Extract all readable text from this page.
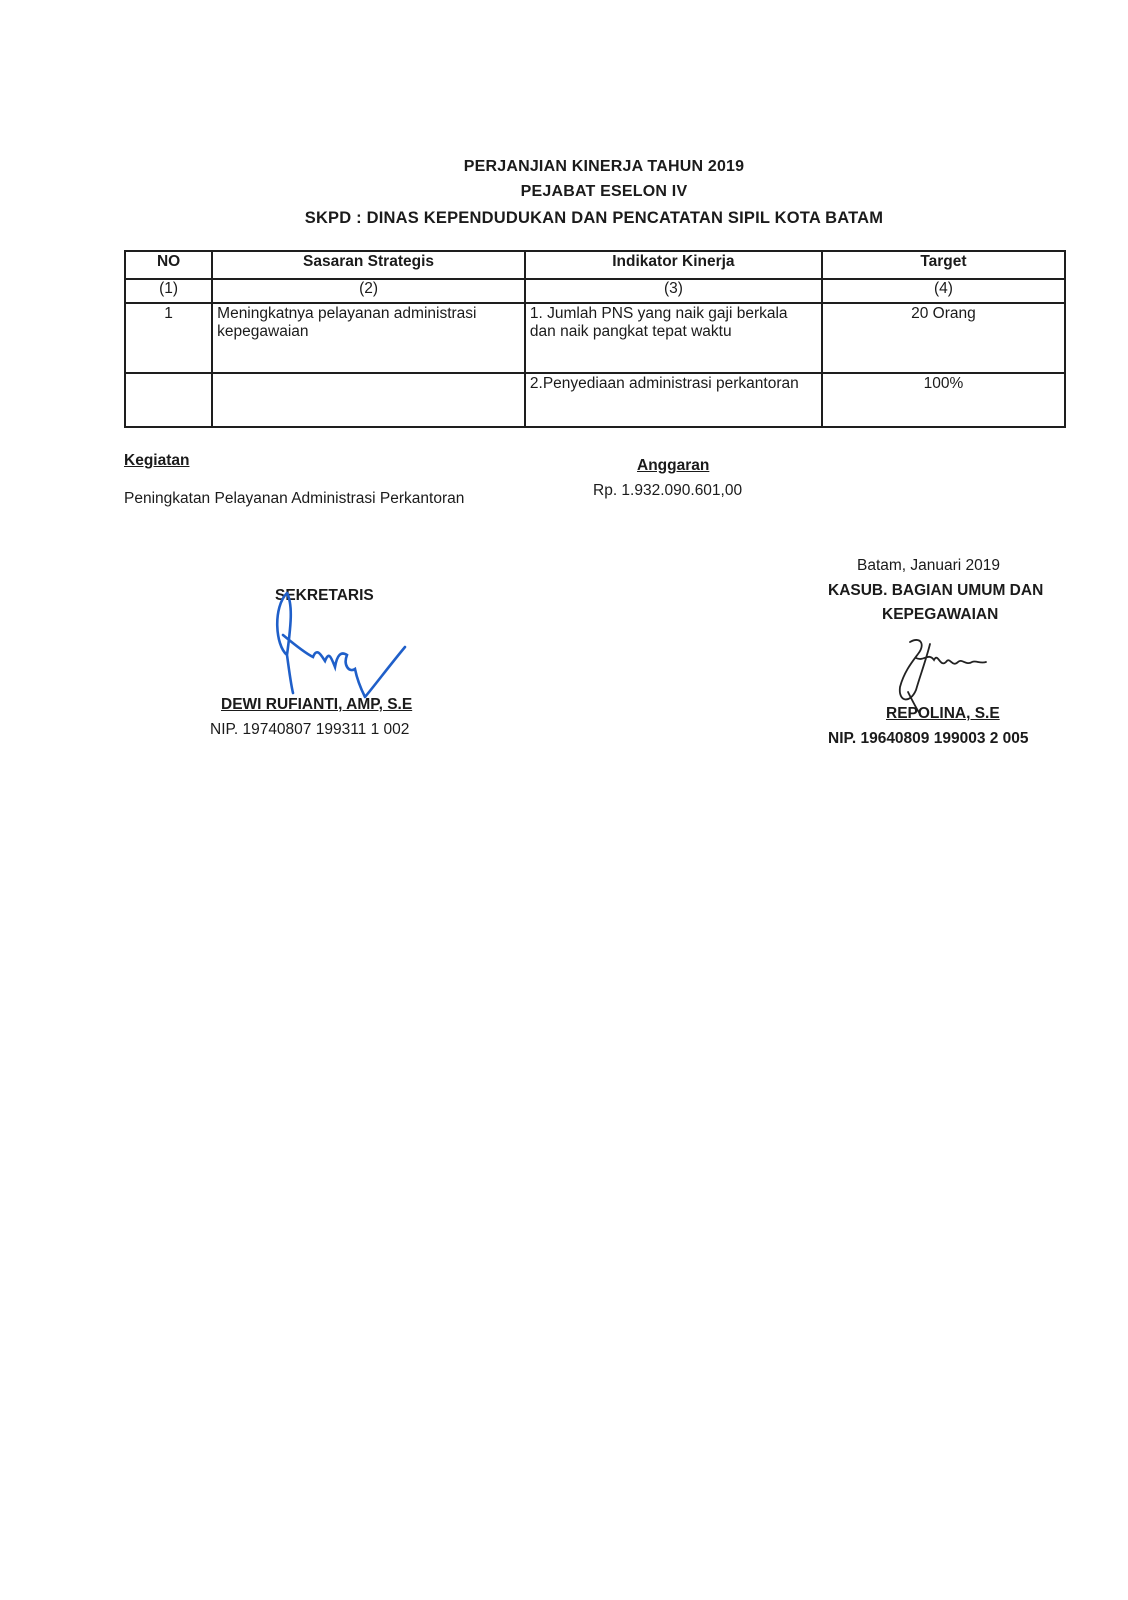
PERJANJIAN KINERJA TAHUN 2019
PEJABAT ESELON IV
SKPD : DINAS KEPENDUDUKAN DAN PENCATATAN SIPIL KOTA BATAM
NO	Sasaran Strategis	Indikator Kinerja	Target
(1)	(2)	(3)	(4)
1	Meningkatnya pelayanan administrasi kepegawaian	1. Jumlah PNS yang naik gaji berkala dan naik pangkat tepat waktu	20 Orang
		2.Penyediaan administrasi perkantoran	100%
Kegiatan
Peningkatan Pelayanan Administrasi Perkantoran
Anggaran
Rp. 1.932.090.601,00
SEKRETARIS
DEWI RUFIANTI, AMP, S.E
NIP. 19740807 199311 1 002
Batam, Januari 2019
KASUB. BAGIAN UMUM DAN
KEPEGAWAIAN
REPOLINA, S.E
NIP. 19640809 199003 2 005
